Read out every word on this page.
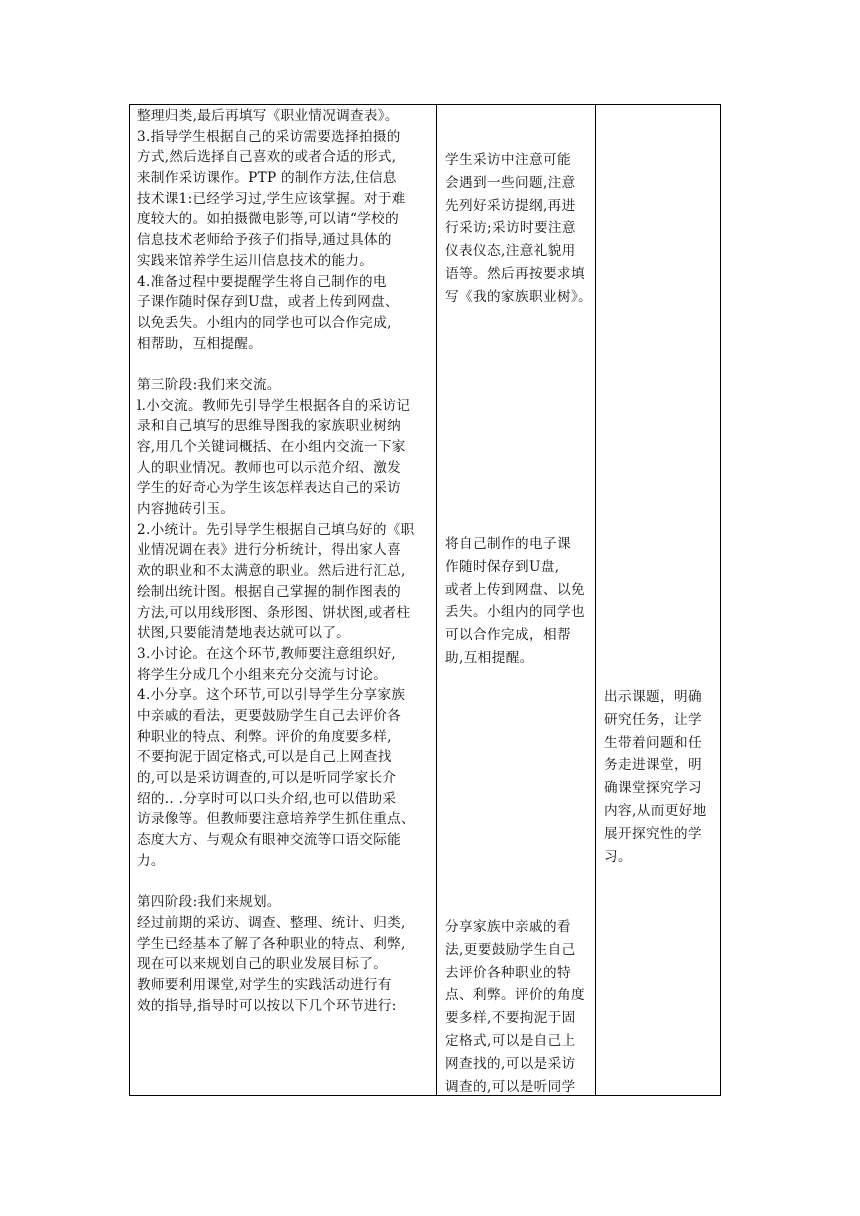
整理归类,最后再填写《职业情况调查表》。
3.指导学生根据自己的采访需要选择拍摄的
方式,然后选择自己喜欢的或者合适的形式,
来制作采访课作。PTP 的制作方法,住信息
技术课1:已经学习过,学生应该掌握。对于难
度较大的。如拍摄微电影等,可以请“学校的
信息技术老师给予孩子们指导,通过具体的
实践来馆养学生运川信息技术的能力。
4.准备过程中要提醒学生将自己制作的电
子课作随时保存到U盘，或者上传到网盘、
以免丢失。小组内的同学也可以合作完成,
相帮助，互相提醒。
第三阶段:我们来交流。
l.小交流。教师先引导学生根据各自的采访记
录和自己填写的思维导图我的家族职业树纳
容,用几个关键词概括、在小组内交流一下家
人的职业情况。教师也可以示范介绍、激发
学生的好奇心为学生该怎样表达自己的采访
内容抛砖引玉。
2.小统计。先引导学生根据自己填乌好的《职
业情况调在表》进行分析统计，得出家人喜
欢的职业和不太满意的职业。然后进行汇总,
绘制出统计图。根据自己掌握的制作图表的
方法,可以用线形图、条形图、饼状图,或者柱
状图,只要能清楚地表达就可以了。
3.小讨论。在这个环节,教师要注意组织好,
将学生分成几个小组来充分交流与讨论。
4.小分享。这个环节,可以引导学生分享家族
中亲戚的看法，更要鼓励学生自己去评价各
种职业的特点、利弊。评价的角度要多样,
不要拘泥于固定格式,可以是自己上网查找
的,可以是采访调查的,可以是听同学家长介
绍的.. .分享时可以口头介绍,也可以借助采
访录像等。但教师要注意培养学生抓住重点、
态度大方、与观众有眼神交流等口语交际能
力。
第四阶段:我们来规划。
经过前期的采访、调查、整理、统计、归类,
学生已经基本了解了各种职业的特点、利弊,
现在可以来规划自己的职业发展目标了。
教师要利用课堂,对学生的实践活动进行有
效的指导,指导时可以按以下几个环节进行:
学生采访中注意可能
会遇到一些问题,注意
先列好采访提纲,再进
行采访;采访时要注意
仪表仪态,注意礼貌用
语等。然后再按要求填
写《我的家族职业树》。
将自己制作的电子课
作随时保存到U盘,
或者上传到网盘、以免
丢失。小组内的同学也
可以合作完成，相帮
助,互相提醒。
分享家族中亲戚的看
法,更要鼓励学生自己
去评价各种职业的特
点、利弊。评价的角度
要多样,不要拘泥于固
定格式,可以是自己上
网查找的,可以是采访
调查的,可以是听同学
出示课题，明确
研究任务，让学
生带着问题和任
务走进课堂，明
确课堂探究学习
内容,从而更好地
展开探究性的学
习。
